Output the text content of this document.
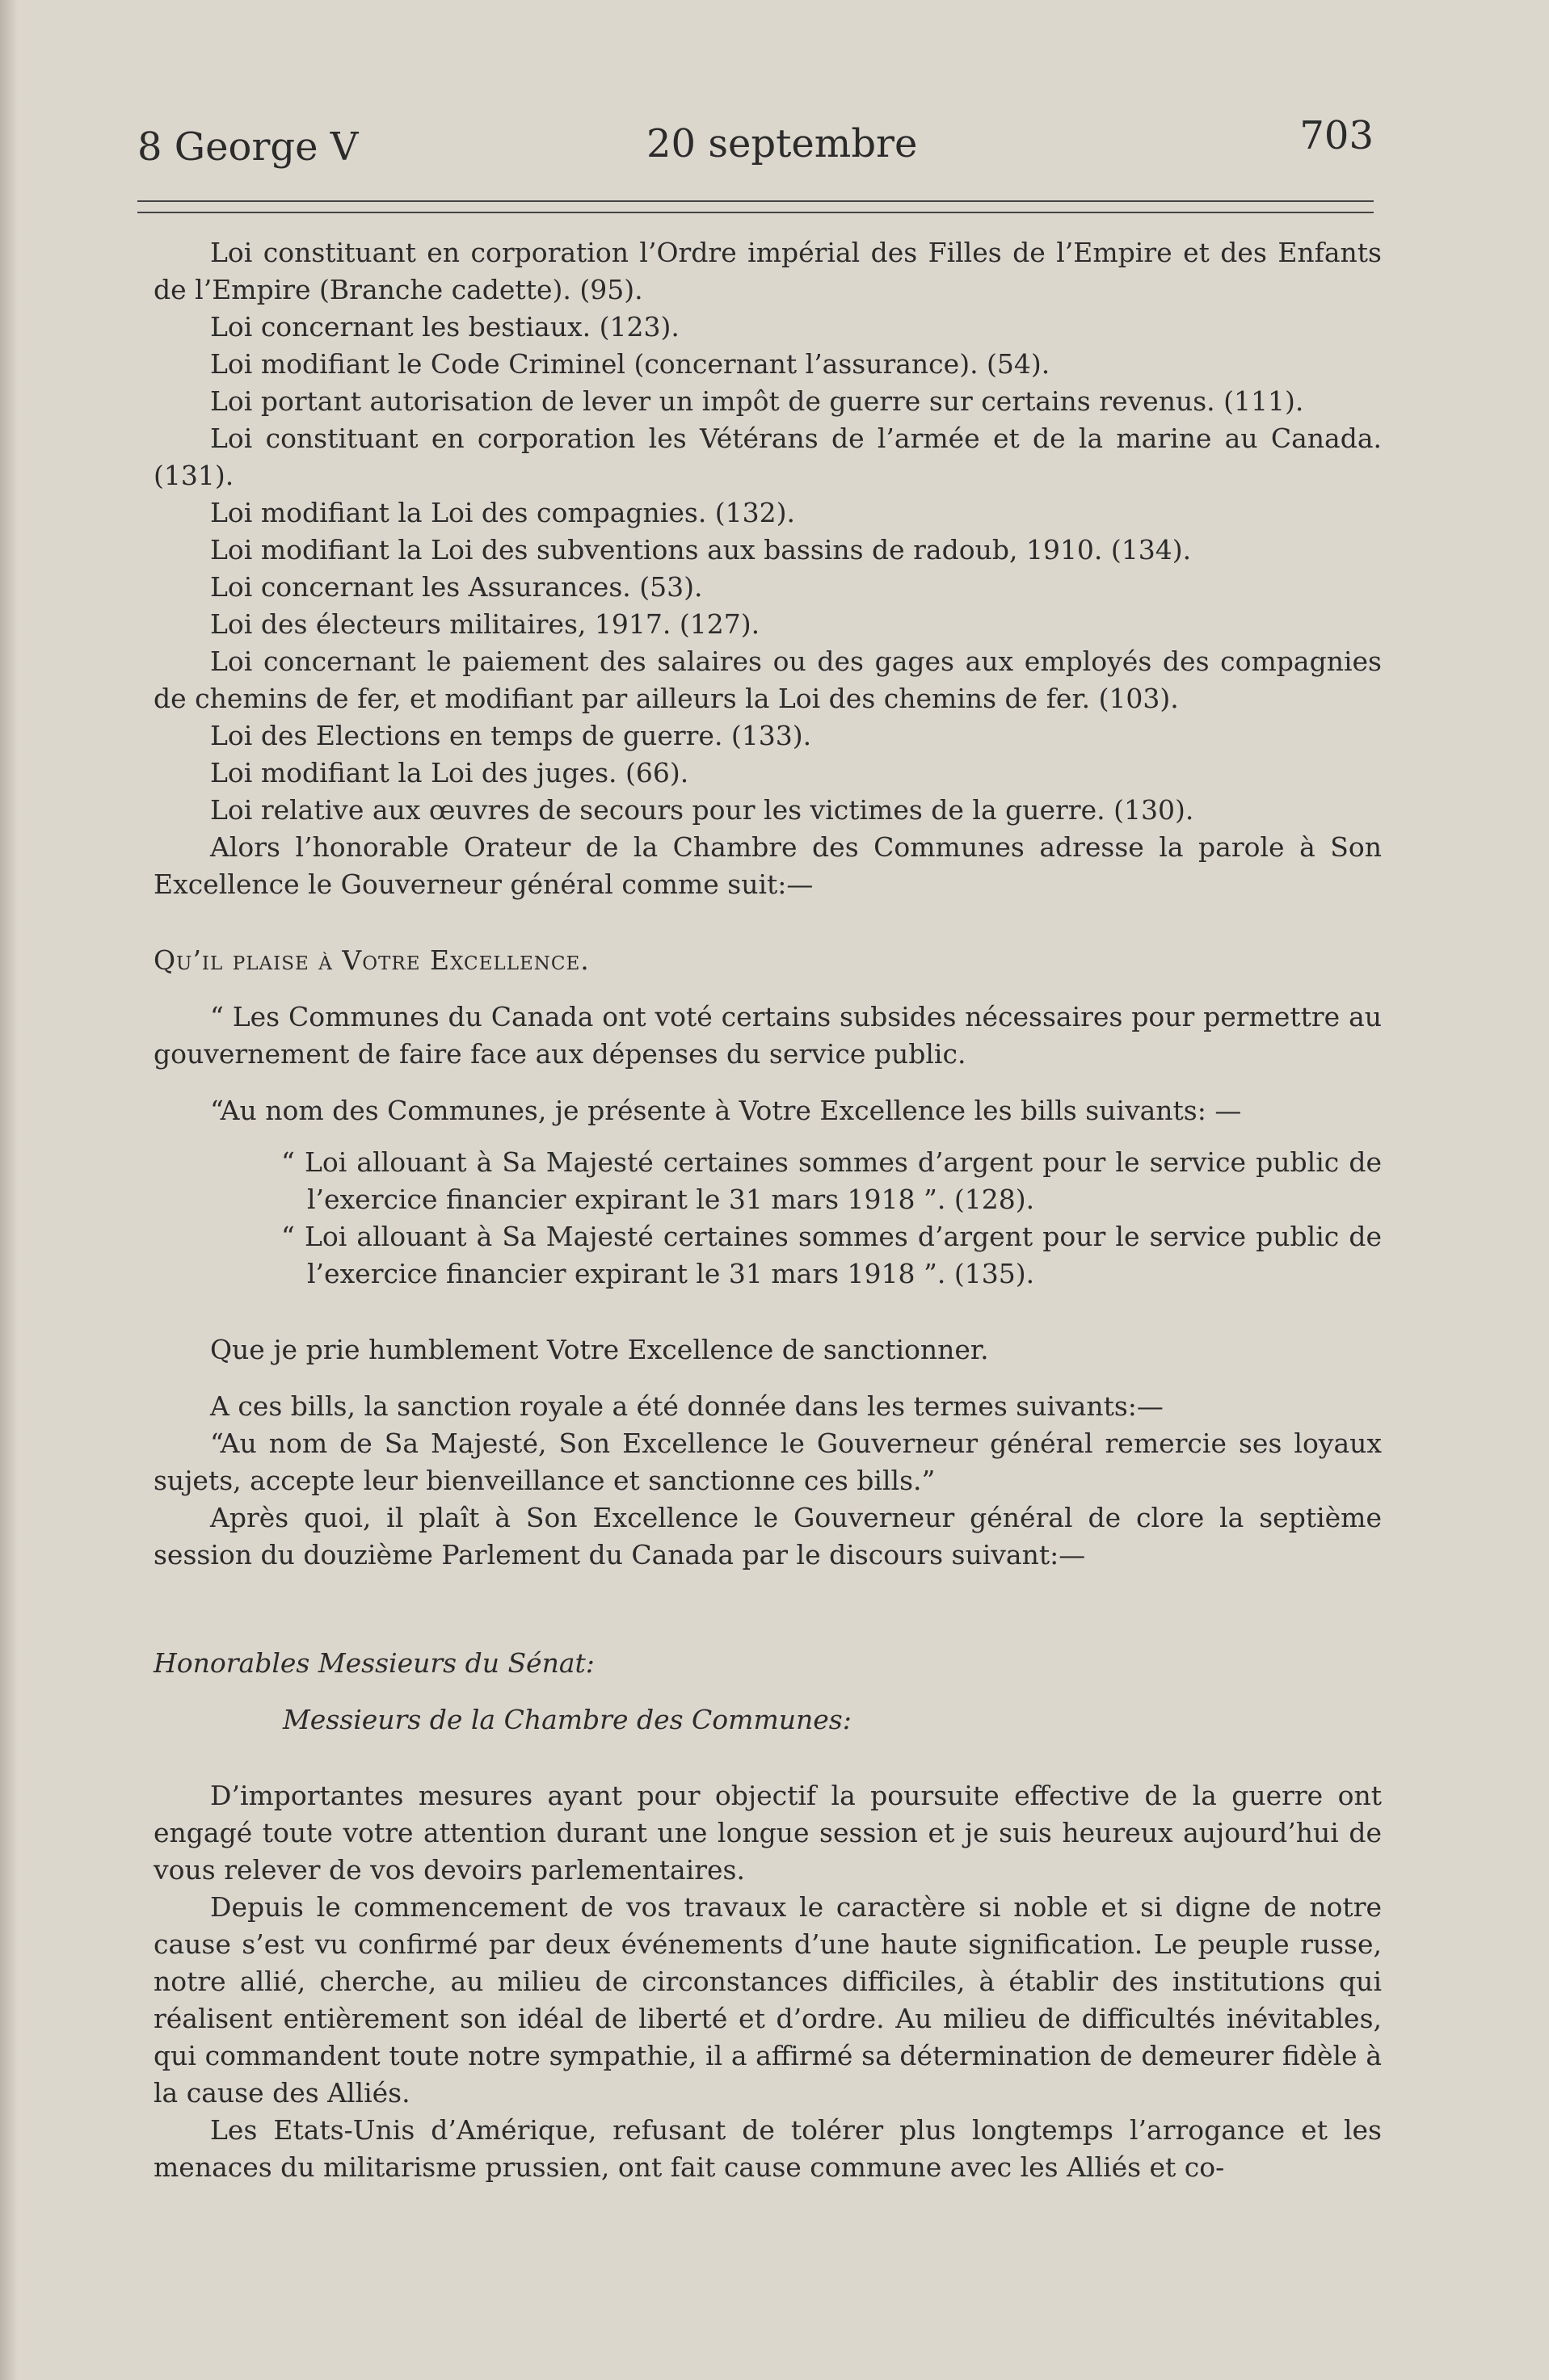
8 George V	20 septembre	703

Loi constituant en corporation l’Ordre impérial des Filles de l’Empire et des Enfants de l’Empire (Branche cadette). (95).

Loi concernant les bestiaux. (123).

Loi modifiant le Code Criminel (concernant l’assurance). (54).

Loi portant autorisation de lever un impôt de guerre sur certains revenus. (111).

Loi constituant en corporation les Vétérans de l’armée et de la marine au Canada. (131).

Loi modifiant la Loi des compagnies. (132).

Loi modifiant la Loi des subventions aux bassins de radoub, 1910. (134).

Loi concernant les Assurances. (53).

Loi des électeurs militaires, 1917. (127).

Loi concernant le paiement des salaires ou des gages aux employés des compagnies de chemins de fer, et modifiant par ailleurs la Loi des chemins de fer. (103).

Loi des Elections en temps de guerre. (133).

Loi modifiant la Loi des juges. (66).

Loi relative aux œuvres de secours pour les victimes de la guerre. (130).

Alors l’honorable Orateur de la Chambre des Communes adresse la parole à Son Excellence le Gouverneur général comme suit:—

Qu’il plaise à Votre Excellence.

“ Les Communes du Canada ont voté certains subsides nécessaires pour permettre au gouvernement de faire face aux dépenses du service public.

“Au nom des Communes, je présente à Votre Excellence les bills suivants: —

“ Loi allouant à Sa Majesté certaines sommes d’argent pour le service public de l’exercice financier expirant le 31 mars 1918 ”. (128).

“ Loi allouant à Sa Majesté certaines sommes d’argent pour le service public de l’exercice financier expirant le 31 mars 1918 ”. (135).

Que je prie humblement Votre Excellence de sanctionner.

A ces bills, la sanction royale a été donnée dans les termes suivants:—

“Au nom de Sa Majesté, Son Excellence le Gouverneur général remercie ses loyaux sujets, accepte leur bienveillance et sanctionne ces bills.”

Après quoi, il plaît à Son Excellence le Gouverneur général de clore la septième session du douzième Parlement du Canada par le discours suivant:—

Honorables Messieurs du Sénat:

Messieurs de la Chambre des Communes:

D’importantes mesures ayant pour objectif la poursuite effective de la guerre ont engagé toute votre attention durant une longue session et je suis heureux aujourd’hui de vous relever de vos devoirs parlementaires.

Depuis le commencement de vos travaux le caractère si noble et si digne de notre cause s’est vu confirmé par deux événements d’une haute signification. Le peuple russe, notre allié, cherche, au milieu de circonstances difficiles, à établir des institutions qui réalisent entièrement son idéal de liberté et d’ordre. Au milieu de difficultés inévitables, qui commandent toute notre sympathie, il a affirmé sa détermination de demeurer fidèle à la cause des Alliés.

Les Etats-Unis d’Amérique, refusant de tolérer plus longtemps l’arrogance et les menaces du militarisme prussien, ont fait cause commune avec les Alliés et co-
